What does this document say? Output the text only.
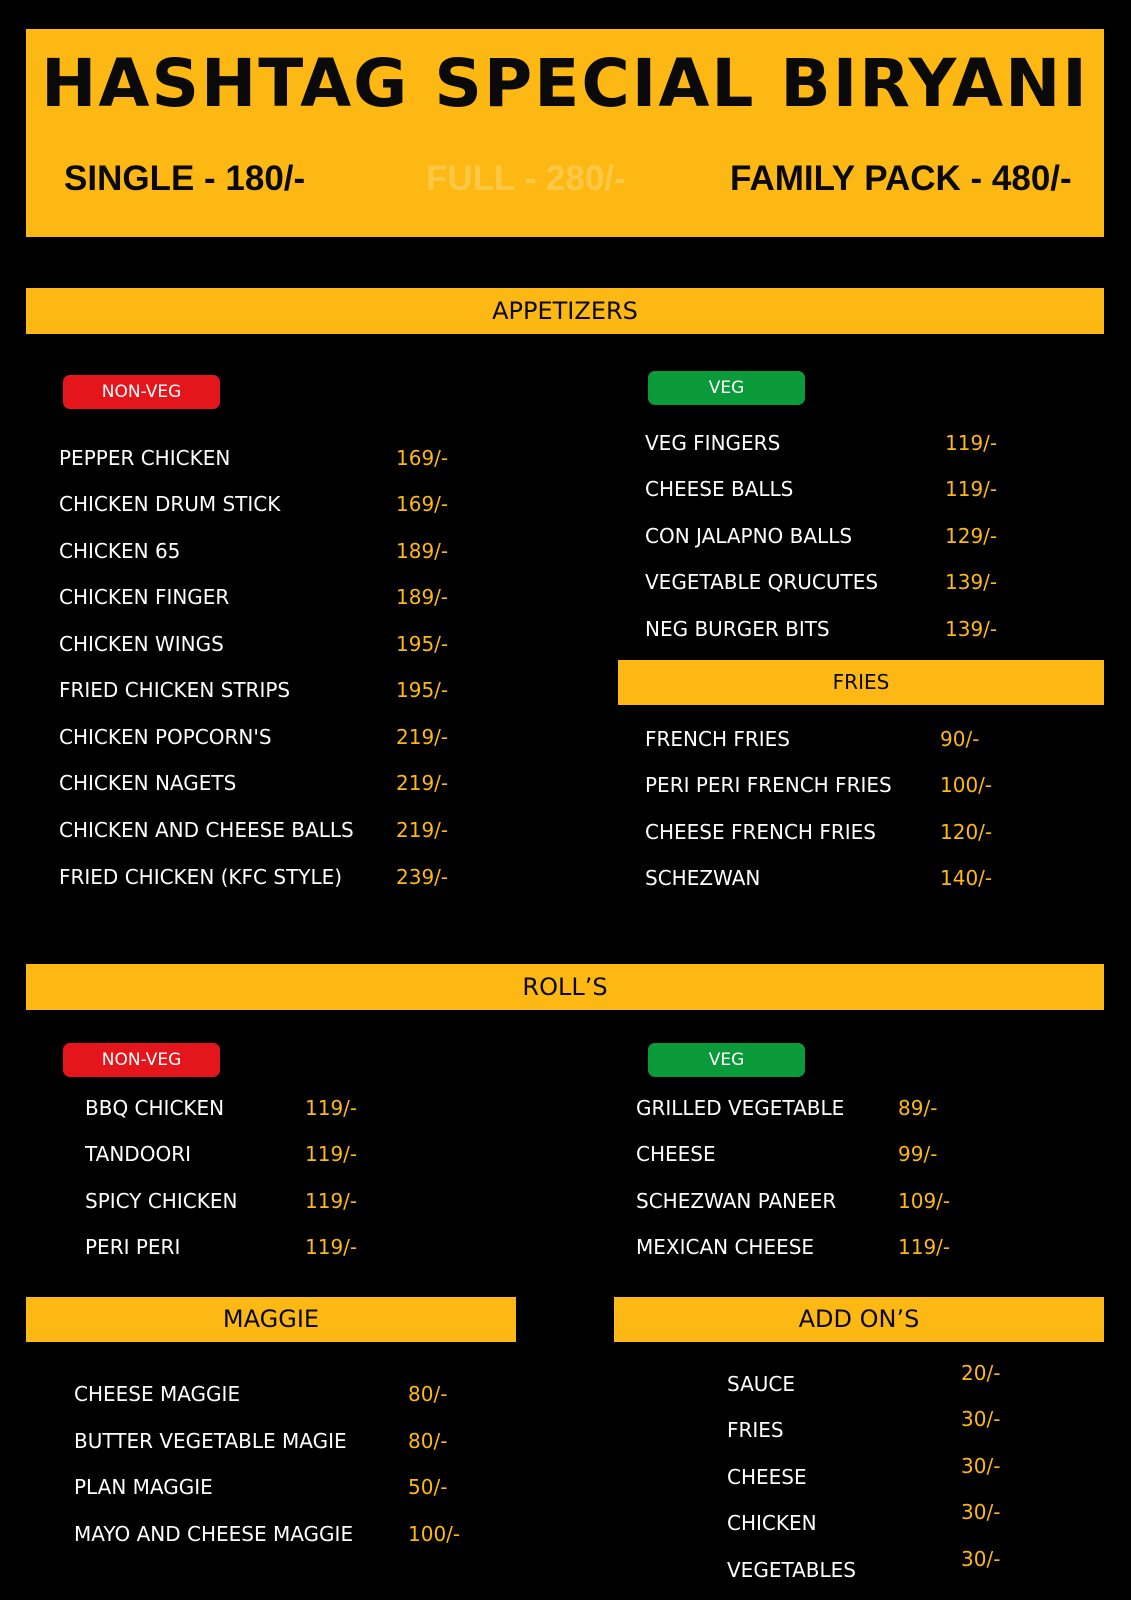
HASHTAG SPECIAL BIRYANI
SINGLE - 180/-	FULL - 280/-	FAMILY PACK - 480/-
APPETIZERS
NON-VEG	VEG
PEPPER CHICKEN	169/-
CHICKEN DRUM STICK	169/-
CHICKEN 65	189/-
CHICKEN FINGER	189/-
CHICKEN WINGS	195/-
FRIED CHICKEN STRIPS	195/-
CHICKEN POPCORN'S	219/-
CHICKEN NAGETS	219/-
CHICKEN AND CHEESE BALLS 219/-
FRIED CHICKEN (KFC STYLE)	239/-
VEG FINGERS	119/-
CHEESE BALLS	119/-
CON JALAPNO BALLS	129/-
VEGETABLE QRUCUTES	139/-
NEG BURGER BITS	139/-
FRIES
FRENCH FRIES	90/-
PERI PERI FRENCH FRIES 100/-
CHEESE FRENCH FRIES	120/-
SCHEZWAN	140/-
ROLL’S
NON-VEG	VEG
BBQ CHICKEN	119/-
TANDOORI	119/-
SPICY CHICKEN	119/-
PERI PERI	119/-
GRILLED VEGETABLE	89/-
CHEESE	99/-
SCHEZWAN PANEER	109/-
MEXICAN CHEESE	119/-
MAGGIE
CHEESE MAGGIE	80/-
BUTTER VEGETABLE MAGIE	80/-
PLAN MAGGIE	50/-
MAYO AND CHEESE MAGGIE	100/-
ADD ON’S
SAUCE	20/-
FRIES	30/-
CHEESE	30/-
CHICKEN	30/-
VEGETABLES	30/-
